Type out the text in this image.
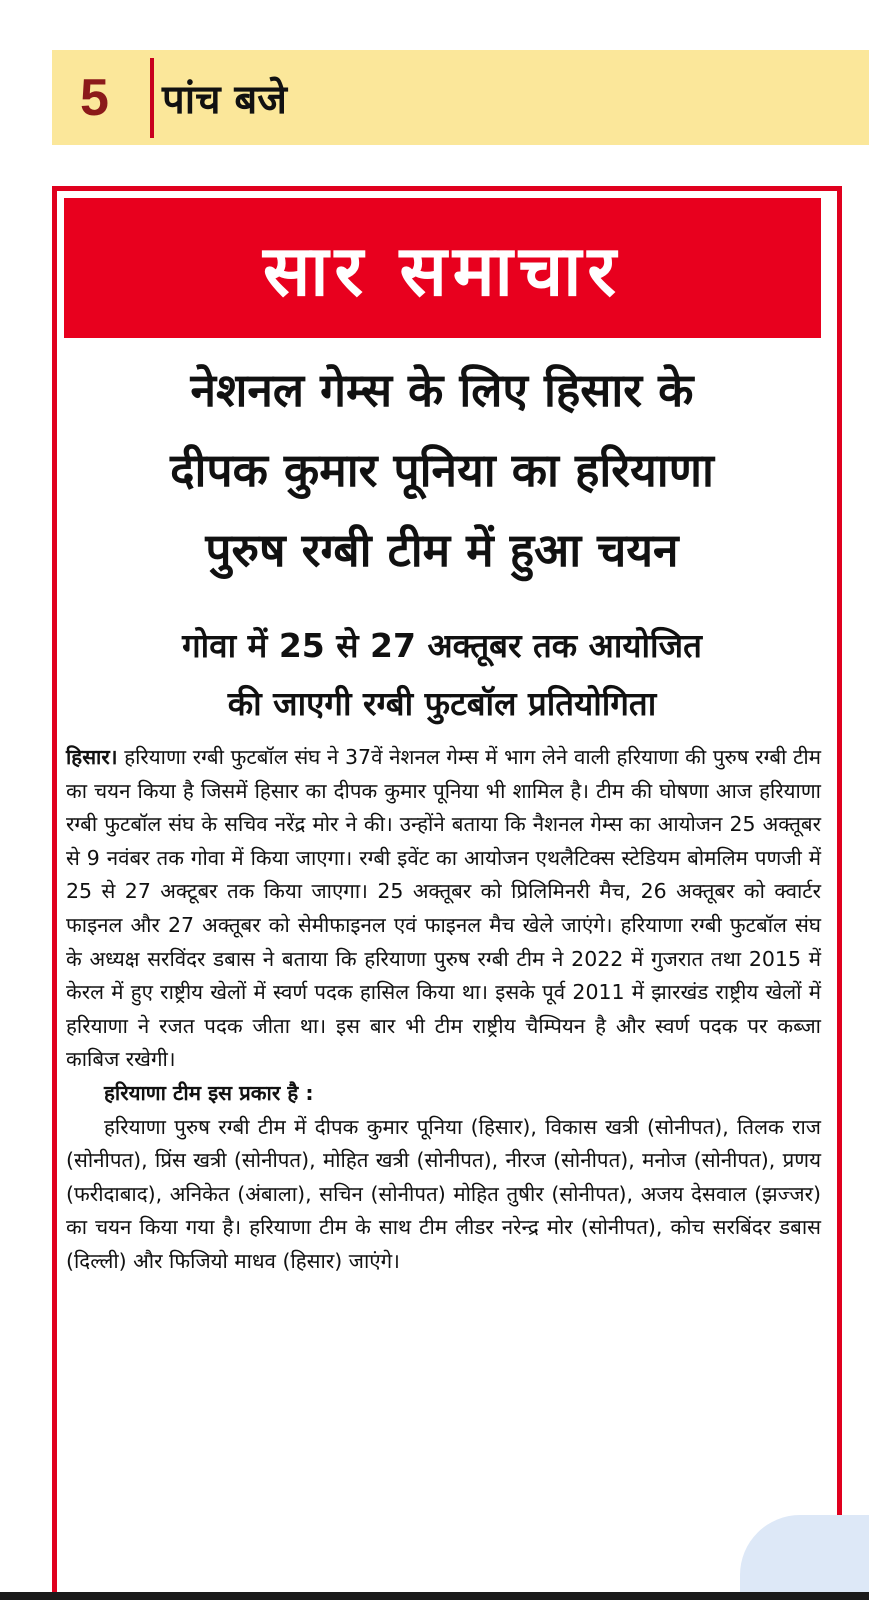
5	पांच बजे
सार समाचार
नेशनल गेम्स के लिए हिसार के
दीपक कुमार पूनिया का हरियाणा
पुरुष रग्बी टीम में हुआ चयन
गोवा में 25 से 27 अक्तूबर तक आयोजित
की जाएगी रग्बी फुटबॉल प्रतियोगिता

हिसार। हरियाणा रग्बी फुटबॉल संघ ने 37वें नेशनल गेम्स में भाग लेने वाली हरियाणा की पुरुष रग्बी टीम का चयन किया है जिसमें हिसार का दीपक कुमार पूनिया भी शामिल है। टीम की घोषणा आज हरियाणा रग्बी फुटबॉल संघ के सचिव नरेंद्र मोर ने की। उन्होंने बताया कि नैशनल गेम्स का आयोजन 25 अक्तूबर से 9 नवंबर तक गोवा में किया जाएगा। रग्बी इवेंट का आयोजन एथलैटिक्स स्टेडियम बोमलिम पणजी में 25 से 27 अक्टूबर तक किया जाएगा। 25 अक्तूबर को प्रिलिमिनरी मैच, 26 अक्तूबर को क्वार्टर फाइनल और 27 अक्तूबर को सेमीफाइनल एवं फाइनल मैच खेले जाएंगे। हरियाणा रग्बी फुटबॉल संघ के अध्यक्ष सरविंदर डबास ने बताया कि हरियाणा पुरुष रग्बी टीम ने 2022 में गुजरात तथा 2015 में केरल में हुए राष्ट्रीय खेलों में स्वर्ण पदक हासिल किया था। इसके पूर्व 2011 में झारखंड राष्ट्रीय खेलों में हरियाणा ने रजत पदक जीता था। इस बार भी टीम राष्ट्रीय चैम्पियन है और स्वर्ण पदक पर कब्जा काबिज रखेगी।

हरियाणा टीम इस प्रकार है :

हरियाणा पुरुष रग्बी टीम में दीपक कुमार पूनिया (हिसार), विकास खत्री (सोनीपत), तिलक राज (सोनीपत), प्रिंस खत्री (सोनीपत), मोहित खत्री (सोनीपत), नीरज (सोनीपत), मनोज (सोनीपत), प्रणय (फरीदाबाद), अनिकेत (अंबाला), सचिन (सोनीपत) मोहित तुषीर (सोनीपत), अजय देसवाल (झज्जर) का चयन किया गया है। हरियाणा टीम के साथ टीम लीडर नरेन्द्र मोर (सोनीपत), कोच सरबिंदर डबास (दिल्ली) और फिजियो माधव (हिसार) जाएंगे।
